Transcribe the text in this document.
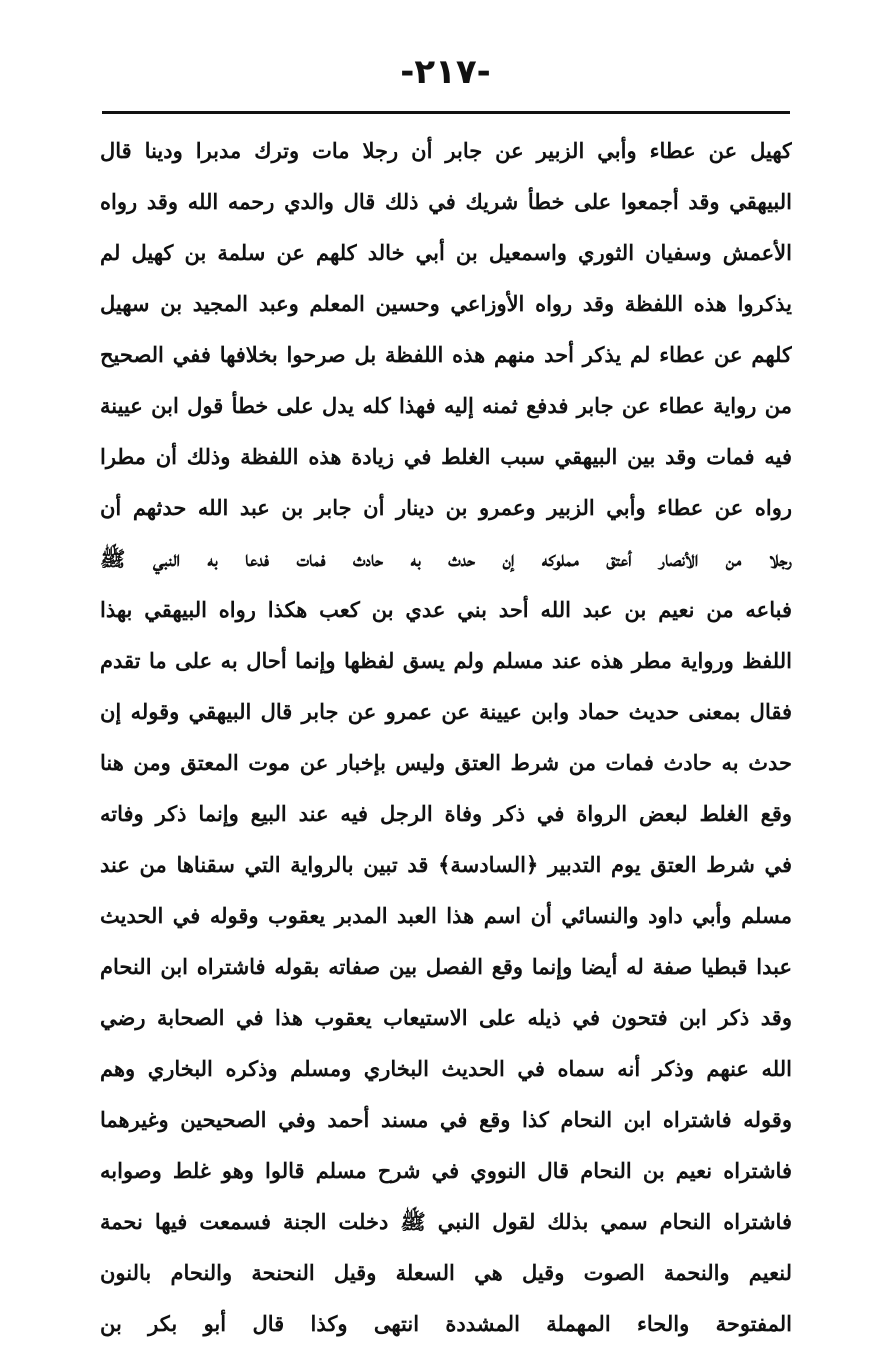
-٢١٧-
كهيل عن عطاء وأبي الزبير عن جابر أن رجلا مات وترك مدبرا ودينا قال
البيهقي وقد أجمعوا على خطأ شريك في ذلك قال والدي رحمه الله وقد رواه
الأعمش وسفيان الثوري واسمعيل بن أبي خالد كلهم عن سلمة بن كهيل لم
يذكروا هذه اللفظة وقد رواه الأوزاعي وحسين المعلم وعبد المجيد بن سهيل
كلهم عن عطاء لم يذكر أحد منهم هذه اللفظة بل صرحوا بخلافها ففي الصحيح
من رواية عطاء عن جابر فدفع ثمنه إليه فهذا كله يدل على خطأ قول ابن عيينة
فيه فمات وقد بين البيهقي سبب الغلط في زيادة هذه اللفظة وذلك أن مطرا
رواه عن عطاء وأبي الزبير وعمرو بن دينار أن جابر بن عبد الله حدثهم أن
رجلا من الأنصار أعتق مملوكه إن حدث به حادث فمات فدعا به النبي ﷺ
فباعه من نعيم بن عبد الله أحد بني عدي بن كعب هكذا رواه البيهقي بهذا
اللفظ ورواية مطر هذه عند مسلم ولم يسق لفظها وإنما أحال به على ما تقدم
فقال بمعنى حديث حماد وابن عيينة عن عمرو عن جابر قال البيهقي وقوله إن
حدث به حادث فمات من شرط العتق وليس بإخبار عن موت المعتق ومن هنا
وقع الغلط لبعض الرواة في ذكر وفاة الرجل فيه عند البيع وإنما ذكر وفاته
في شرط العتق يوم التدبير ﴿السادسة﴾ قد تبين بالرواية التي سقناها من عند
مسلم وأبي داود والنسائي أن اسم هذا العبد المدبر يعقوب وقوله في الحديث
عبدا قبطيا صفة له أيضا وإنما وقع الفصل بين صفاته بقوله فاشتراه ابن النحام
وقد ذكر ابن فتحون في ذيله على الاستيعاب يعقوب هذا في الصحابة رضي
الله عنهم وذكر أنه سماه في الحديث البخاري ومسلم وذكره البخاري وهم
وقوله فاشتراه ابن النحام كذا وقع في مسند أحمد وفي الصحيحين وغيرهما
فاشتراه نعيم بن النحام قال النووي في شرح مسلم قالوا وهو غلط وصوابه
فاشتراه النحام سمي بذلك لقول النبي ﷺ دخلت الجنة فسمعت فيها نحمة
لنعيم والنحمة الصوت وقيل هي السعلة وقيل النحنحة والنحام بالنون
المفتوحة والحاء المهملة المشددة انتهى وكذا قال أبو بكر بن
